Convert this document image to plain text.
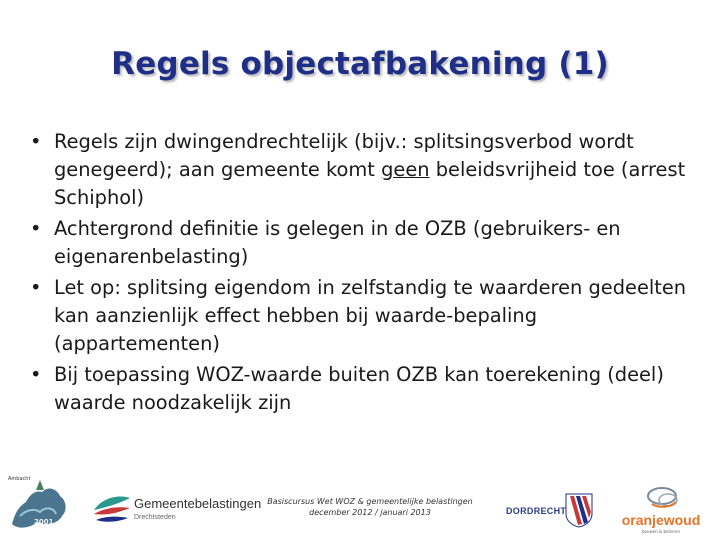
Regels objectafbakening (1)
• Regels zijn dwingendrechtelijk (bijv.: splitsingsverbod wordt genegeerd); aan gemeente komt geen beleidsvrijheid toe (arrest Schiphol)
• Achtergrond definitie is gelegen in de OZB (gebruikers- en eigenarenbelasting)
• Let op: splitsing eigendom in zelfstandig te waarderen gedeelten kan aanzienlijk effect hebben bij waarde-bepaling (appartementen)
• Bij toepassing WOZ-waarde buiten OZB kan toerekening (deel) waarde noodzakelijk zijn
Ambacht
2001
Gemeentebelastingen
Drechtsteden
Basiscursus Wet WOZ & gemeentelijke belastingen
december 2012 / januari 2013	DORDRECHT
oranjewoud
bouwen & beheren
